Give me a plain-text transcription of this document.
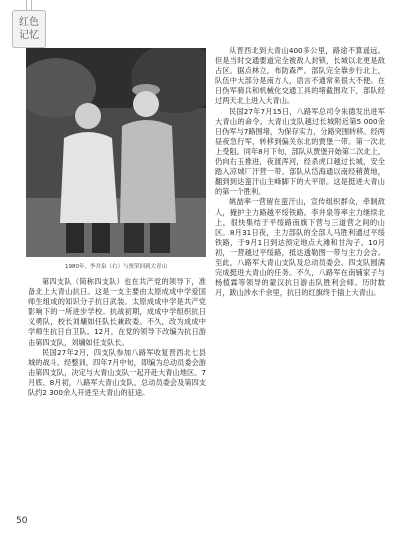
红色
记忆
1980年，李井泉（右）与贾荣回到大青山

第四支队（简称四支队）也在共产党的领导下，准备北上大青山抗日。这是一支主要由太原成成中学爱国师生组成的知识分子抗日武装。太原成成中学是共产党影响下的一所进步学校。抗战初期，成成中学组织抗日义勇队，校长刘墉如任队长兼政委。不久，改为成成中学师生抗日自卫队。12月，在党的领导下改编为抗日游击第四支队，刘墉如任支队长。

民国27年2月，四支队参加八路军收复晋西北七县城的战斗。经整训，四年7月中旬，即编为总动员委会游击第四支队，决定与大青山支队一起开赴大青山地区。7月底、8月初，八路军大青山支队、总动员委会及第四支队约2 300余人开进至大青山的征途。

从晋西北到大青山400多公里，路途不算遥远。但是当时交通要道完全被敌人封锁，长城以北更是敌占区，据点林立，布防森严。部队完全靠步行北上，队伍中大部分是南方人，语言不通常来很大不便。在日伪军骑兵和机械化交通工具的堵截围攻下，部队经过两天北上进入大青山。

民国27年7月15日，八路军总司令朱德发出进军大青山的命令。大青山支队越过长城附近第5 000余日伪军与7路围堵，为保存实力，分路突围转移。经两昼夜急行军，转移到偏关东北的贾堡一带。第一次北上受阻。同年8月下旬，部队从贾堡开始第二次北上，仍向右玉推进，夜渡浑河，经杀虎口越过长城，安全踏入凉城厂汗营一带。部队从岱海通以南经稍黄地，翻到到达蛮汗山主峰脚下的大平原。这是挺进大青山的第一个胜利。

姚喆率一营留在蛮汗山，宣传组织群众，牵制敌人，掩护主力路越平绥铁路。李井泉等率主力继续北上，很快集结于平绥路南旗下营与三道营之间的山区。8月31日夜，主力部队的全部人马胜利通过平绥铁路，于9月1日到达预定地点大滩和甘沟子。10月初，一营越过平绥路，抵达透勒图一带与主力会合。至此，八路军大青山支队及总动员委会、四支队圆满完成挺进大青山的任务。不久，八路军在南铺家子与杨植霖等领导的蒙汉抗日游击队胜利会师。历时数月，跋山涉水千余里，抗日的红旗终于插上大青山。

50
